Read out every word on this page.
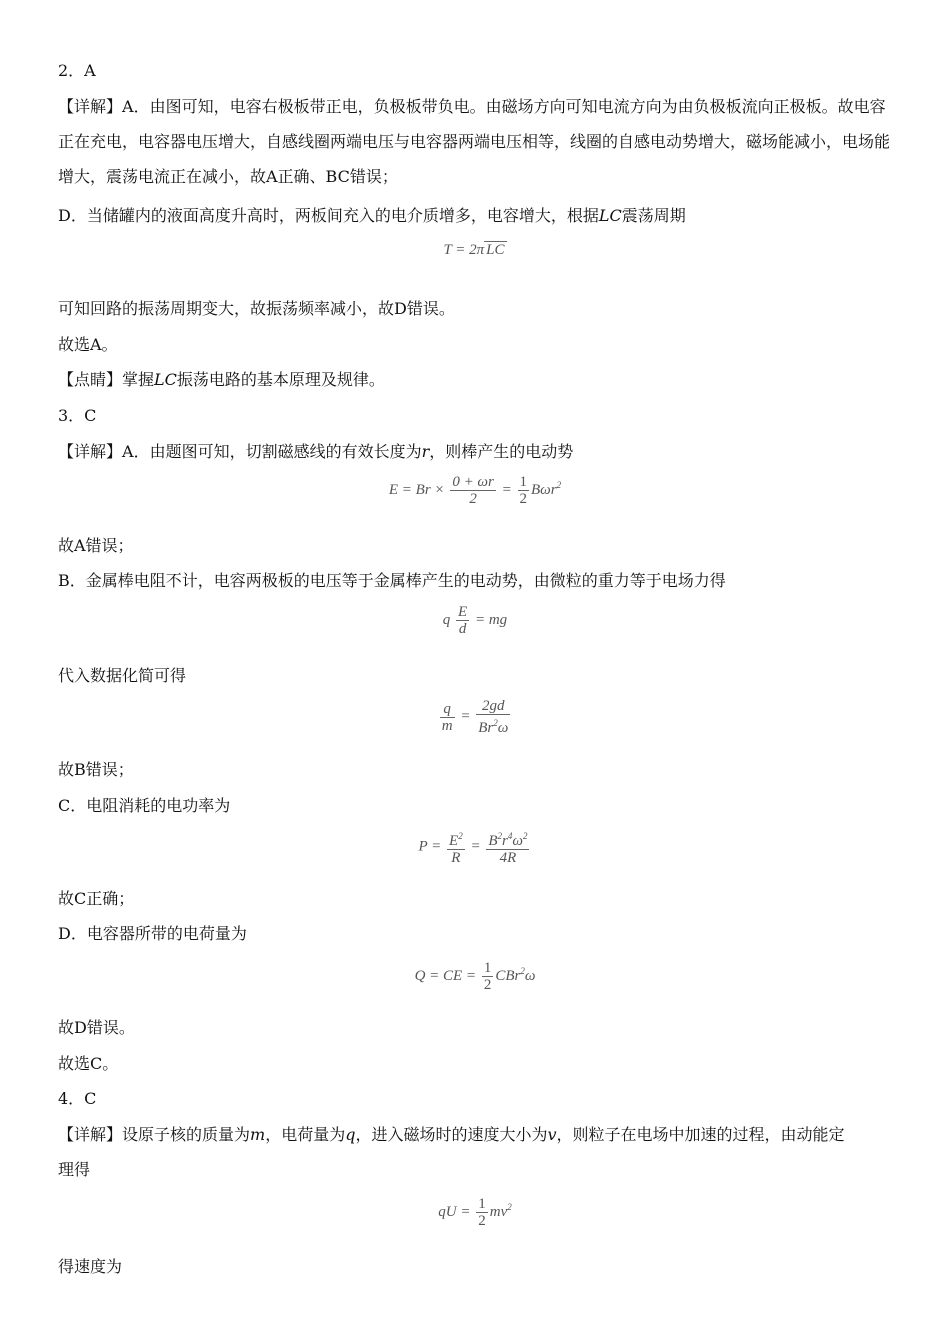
2．A
【详解】A．由图可知，电容右极板带正电，负极板带负电。由磁场方向可知电流方向为由负极板流向正极板。故电容正在充电，电容器电压增大，自感线圈两端电压与电容器两端电压相等，线圈的自感电动势增大，磁场能减小，电场能增大，震荡电流正在减小，故A正确、BC错误；
D．当储罐内的液面高度升高时，两板间充入的电介质增多，电容增大，根据LC震荡周期
T = 2π LC
可知回路的振荡周期变大，故振荡频率减小，故D错误。
故选A。
【点睛】掌握LC振荡电路的基本原理及规律。
3．C
【详解】A．由题图可知，切割磁感线的有效长度为r，则棒产生的电动势
$E = Br \times \frac{0 + \omega r}{2} = \frac{1}{2} B\omega r^2$
故A错误；
B．金属棒电阻不计，电容两极板的电压等于金属棒产生的电动势，由微粒的重力等于电场力得
q $\frac{E}{d}$ = mg
代入数据化简可得
$\frac{q}{m} = \frac{2gd}{Br^2\omega}$
故B错误；
C．电阻消耗的电功率为
$P = \frac{E^2}{R} = \frac{B^2r^4\omega^2}{4R}$
故C正确；
D．电容器所带的电荷量为
Q = CE = $\frac{1}{2} CBr^2\omega$
故D错误。
故选C。
4．C
【详解】设原子核的质量为m，电荷量为q，进入磁场时的速度大小为v，则粒子在电场中加速的过程，由动能定
理得
qU = $\frac{1}{2} mv^2$
得速度为
